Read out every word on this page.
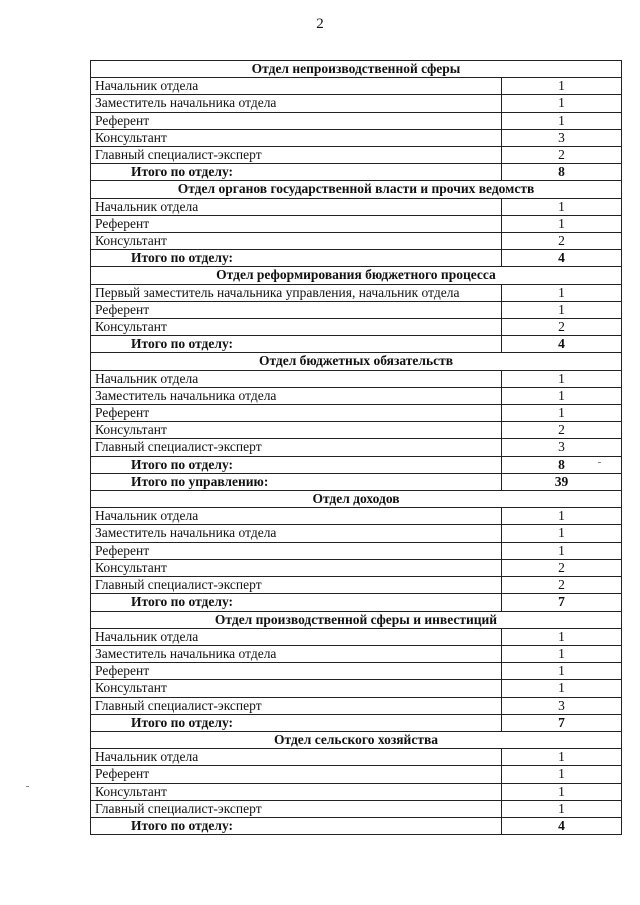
2
Отдел непроизводственной сферы	
Начальник отдела	1
Заместитель начальника отдела	1
Референт	1
Консультант	3
Главный специалист-эксперт	2
Итого по отделу:	8
Отдел органов государственной власти и прочих ведомств	
Начальник отдела	1
Референт	1
Консультант	2
Итого по отделу:	4
Отдел реформирования бюджетного процесса	
Первый заместитель начальника управления, начальник отдела	1
Референт	1
Консультант	2
Итого по отделу:	4
Отдел бюджетных обязательств	
Начальник отдела	1
Заместитель начальника отдела	1
Референт	1
Консультант	2
Главный специалист-эксперт	3
Итого по отделу:	8
Итого по управлению:	39
Отдел доходов	
Начальник отдела	1
Заместитель начальника отдела	1
Референт	1
Консультант	2
Главный специалист-эксперт	2
Итого по отделу:	7
Отдел производственной сферы и инвестиций	
Начальник отдела	1
Заместитель начальника отдела	1
Референт	1
Консультант	1
Главный специалист-эксперт	3
Итого по отделу:	7
Отдел сельского хозяйства	
Начальник отдела	1
Референт	1
Консультант	1
Главный специалист-эксперт	1
Итого по отделу:	4
